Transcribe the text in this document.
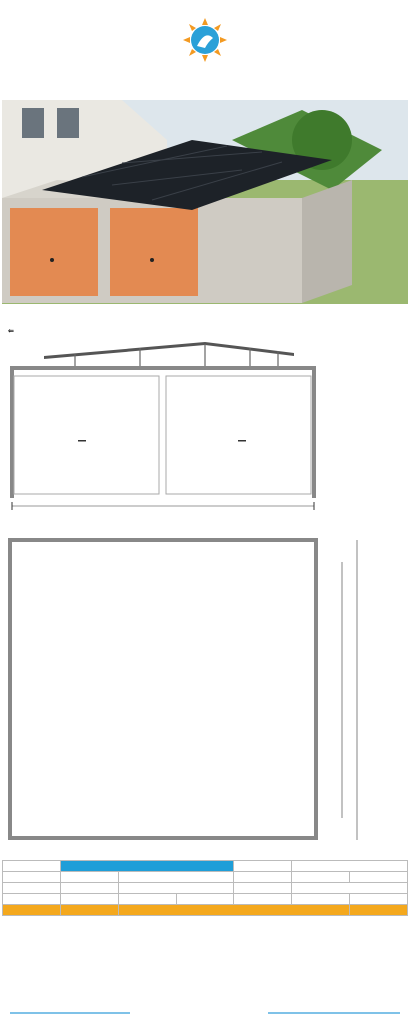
⇐
